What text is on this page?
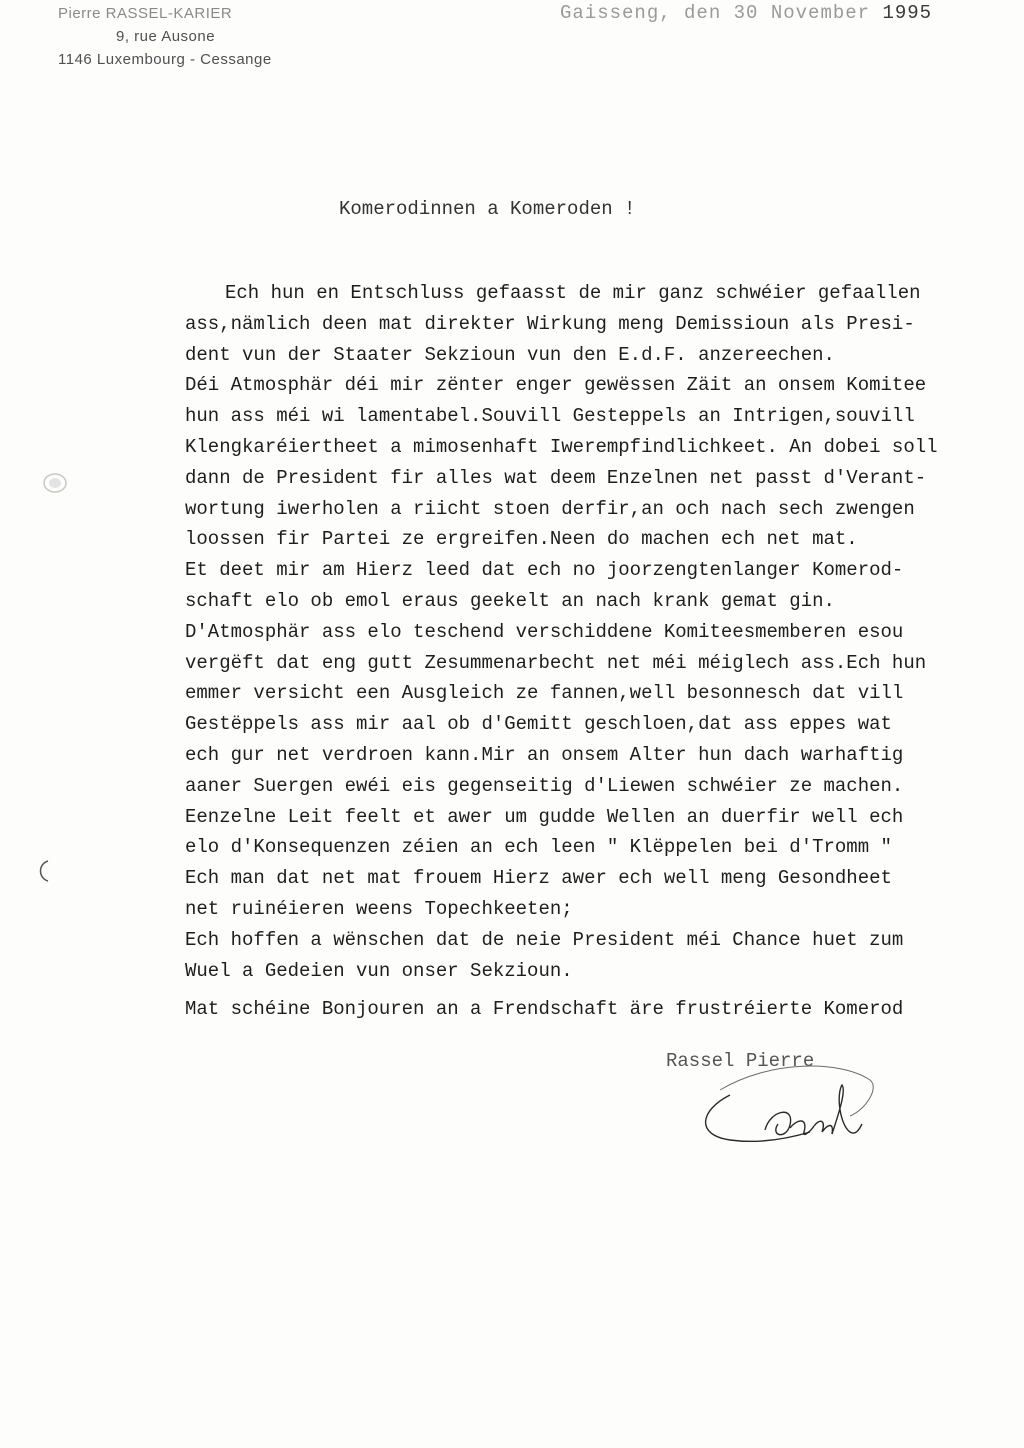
Pierre RASSEL-KARIER
9, rue Ausone
1146 Luxembourg - Cessange
Gaisseng, den 30 November 1995
Komerodinnen a Komeroden !
Ech hun en Entschluss gefaasst de mir ganz schwéier gefaallen
ass,nämlich deen mat direkter Wirkung meng Demissioun als Presi-
dent vun der Staater Sekzioun vun den E.d.F. anzereechen.
Déi Atmosphär déi mir zënter enger gewëssen Zäit an onsem Komitee
hun ass méi wi lamentabel.Souvill Gesteppels an Intrigen,souvill
Klengkaréiertheet a mimosenhaft Iwerempfindlichkeet. An dobei soll
dann de President fir alles wat deem Enzelnen net passt d'Verant-
wortung iwerholen a riicht stoen derfir,an och nach sech zwengen
loossen fir Partei ze ergreifen.Neen do machen ech net mat.
Et deet mir am Hierz leed dat ech no joorzengtenlanger Komerod-
schaft elo ob emol eraus geekelt an nach krank gemat gin.
D'Atmosphär ass elo teschend verschiddene Komiteesmemberen esou
vergëft dat eng gutt Zesummenarbecht net méi méiglech ass.Ech hun
emmer versicht een Ausgleich ze fannen,well besonnesch dat vill
Gestëppels ass mir aal ob d'Gemitt geschloen,dat ass eppes wat
ech gur net verdroen kann.Mir an onsem Alter hun dach warhaftig
aaner Suergen ewéi eis gegenseitig d'Liewen schwéier ze machen.
Eenzelne Leit feelt et awer um gudde Wellen an duerfir well ech
elo d'Konsequenzen zéien an ech leen " Klëppelen bei d'Tromm "
Ech man dat net mat frouem Hierz awer ech well meng Gesondheet
net ruinéieren weens Topechkeeten;
Ech hoffen a wënschen dat de neie President méi Chance huet zum
Wuel a Gedeien vun onser Sekzioun.
Mat schéine Bonjouren an a Frendschaft äre frustréierte Komerod
Rassel Pierre
